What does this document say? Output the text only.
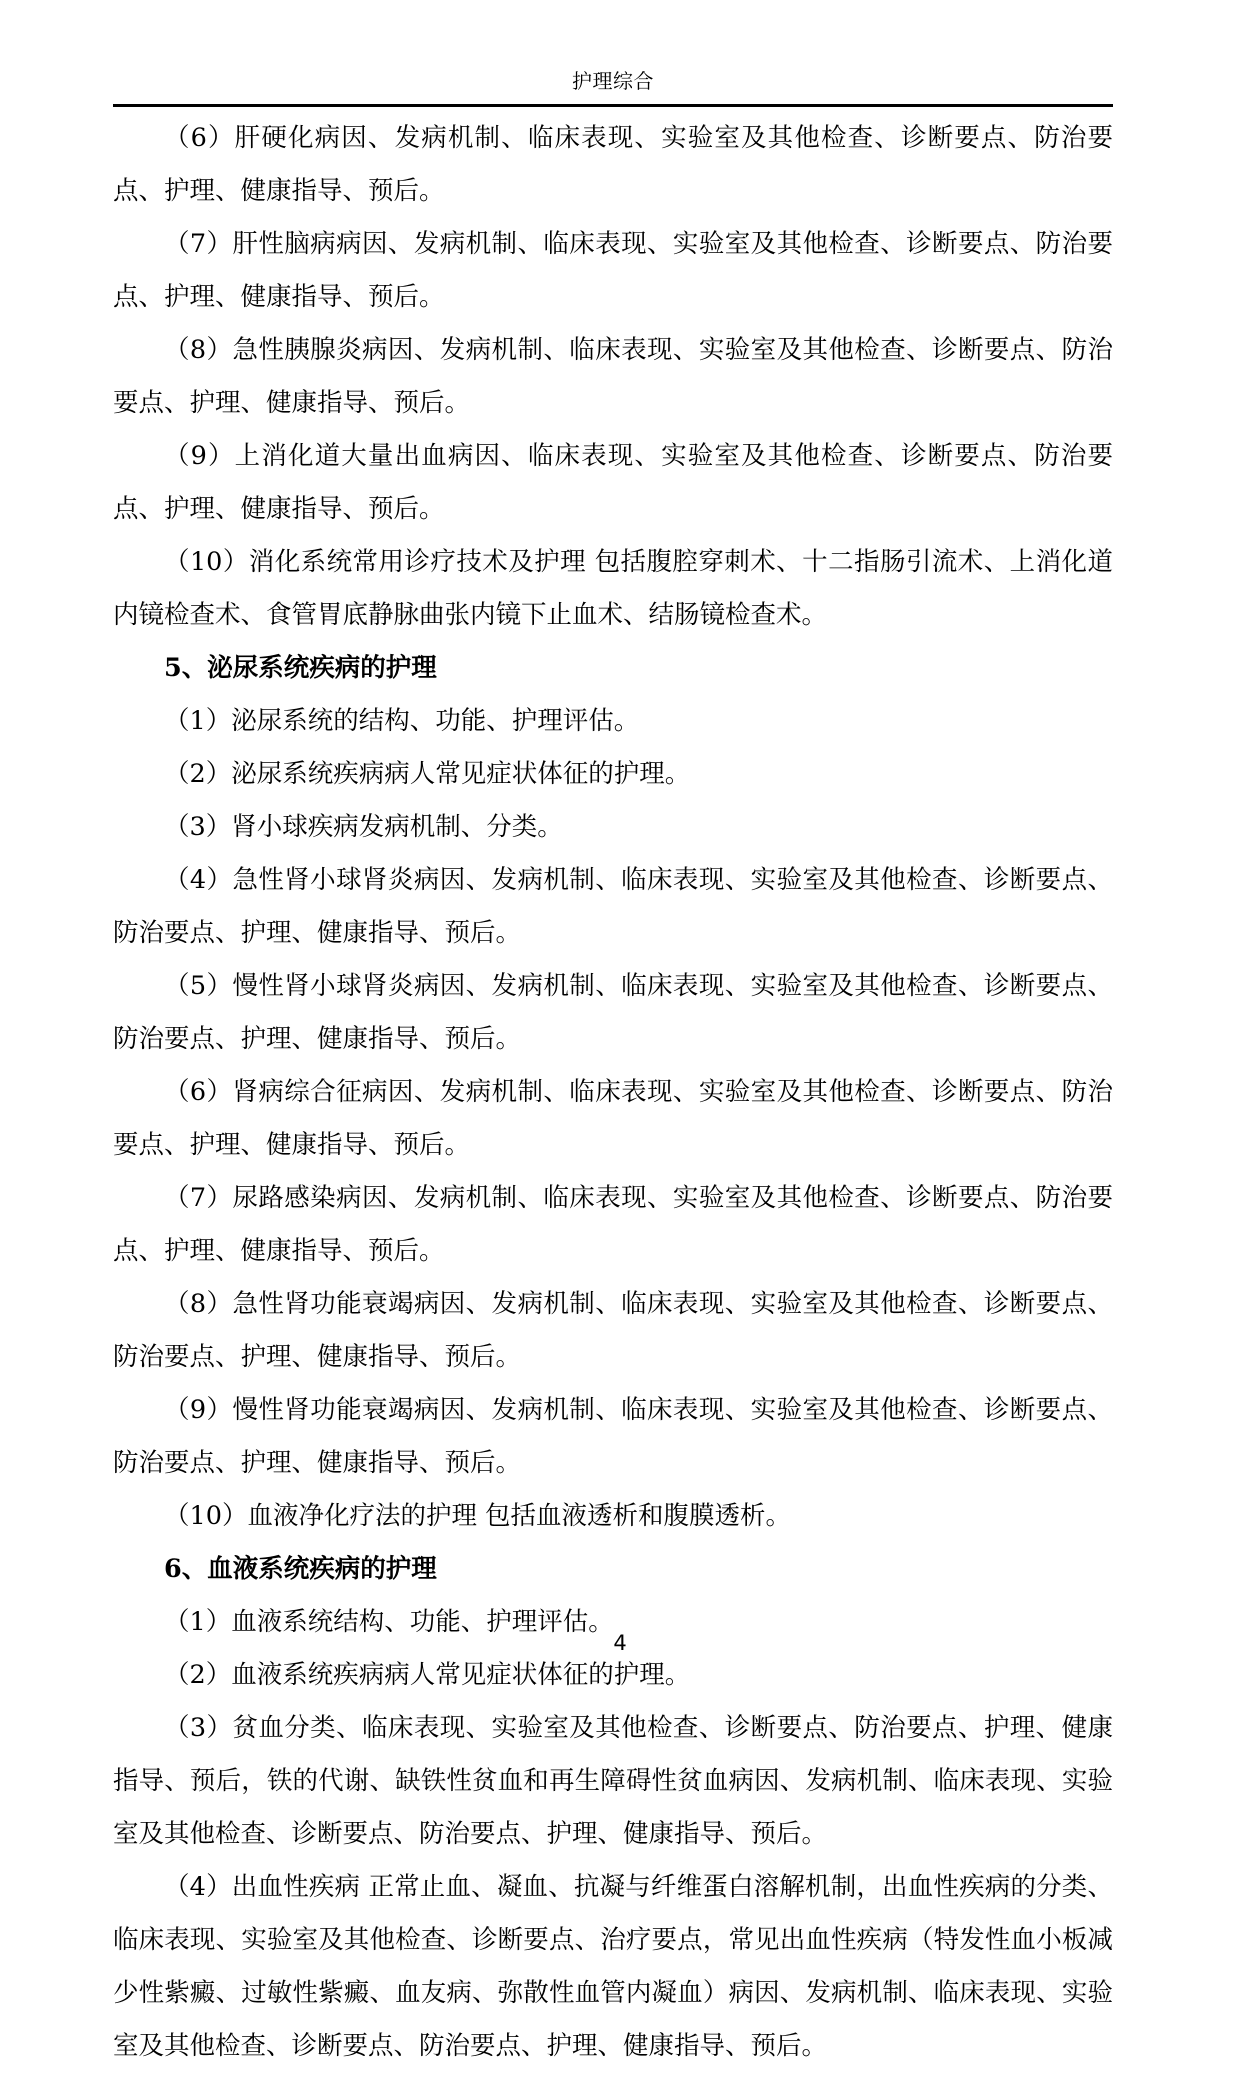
护理综合

（6）肝硬化病因、发病机制、临床表现、实验室及其他检查、诊断要点、防治要点、护理、健康指导、预后。

（7）肝性脑病病因、发病机制、临床表现、实验室及其他检查、诊断要点、防治要点、护理、健康指导、预后。

（8）急性胰腺炎病因、发病机制、临床表现、实验室及其他检查、诊断要点、防治要点、护理、健康指导、预后。

（9）上消化道大量出血病因、临床表现、实验室及其他检查、诊断要点、防治要点、护理、健康指导、预后。

（10）消化系统常用诊疗技术及护理 包括腹腔穿刺术、十二指肠引流术、上消化道内镜检查术、食管胃底静脉曲张内镜下止血术、结肠镜检查术。

5、泌尿系统疾病的护理

（1）泌尿系统的结构、功能、护理评估。

（2）泌尿系统疾病病人常见症状体征的护理。

（3）肾小球疾病发病机制、分类。

（4）急性肾小球肾炎病因、发病机制、临床表现、实验室及其他检查、诊断要点、防治要点、护理、健康指导、预后。

（5）慢性肾小球肾炎病因、发病机制、临床表现、实验室及其他检查、诊断要点、防治要点、护理、健康指导、预后。

（6）肾病综合征病因、发病机制、临床表现、实验室及其他检查、诊断要点、防治要点、护理、健康指导、预后。

（7）尿路感染病因、发病机制、临床表现、实验室及其他检查、诊断要点、防治要点、护理、健康指导、预后。

（8）急性肾功能衰竭病因、发病机制、临床表现、实验室及其他检查、诊断要点、防治要点、护理、健康指导、预后。

（9）慢性肾功能衰竭病因、发病机制、临床表现、实验室及其他检查、诊断要点、防治要点、护理、健康指导、预后。

（10）血液净化疗法的护理 包括血液透析和腹膜透析。

6、血液系统疾病的护理

（1）血液系统结构、功能、护理评估。

（2）血液系统疾病病人常见症状体征的护理。

（3）贫血分类、临床表现、实验室及其他检查、诊断要点、防治要点、护理、健康指导、预后，铁的代谢、缺铁性贫血和再生障碍性贫血病因、发病机制、临床表现、实验室及其他检查、诊断要点、防治要点、护理、健康指导、预后。

（4）出血性疾病 正常止血、凝血、抗凝与纤维蛋白溶解机制，出血性疾病的分类、临床表现、实验室及其他检查、诊断要点、治疗要点，常见出血性疾病（特发性血小板减少性紫癜、过敏性紫癜、血友病、弥散性血管内凝血）病因、发病机制、临床表现、实验室及其他检查、诊断要点、防治要点、护理、健康指导、预后。

4
